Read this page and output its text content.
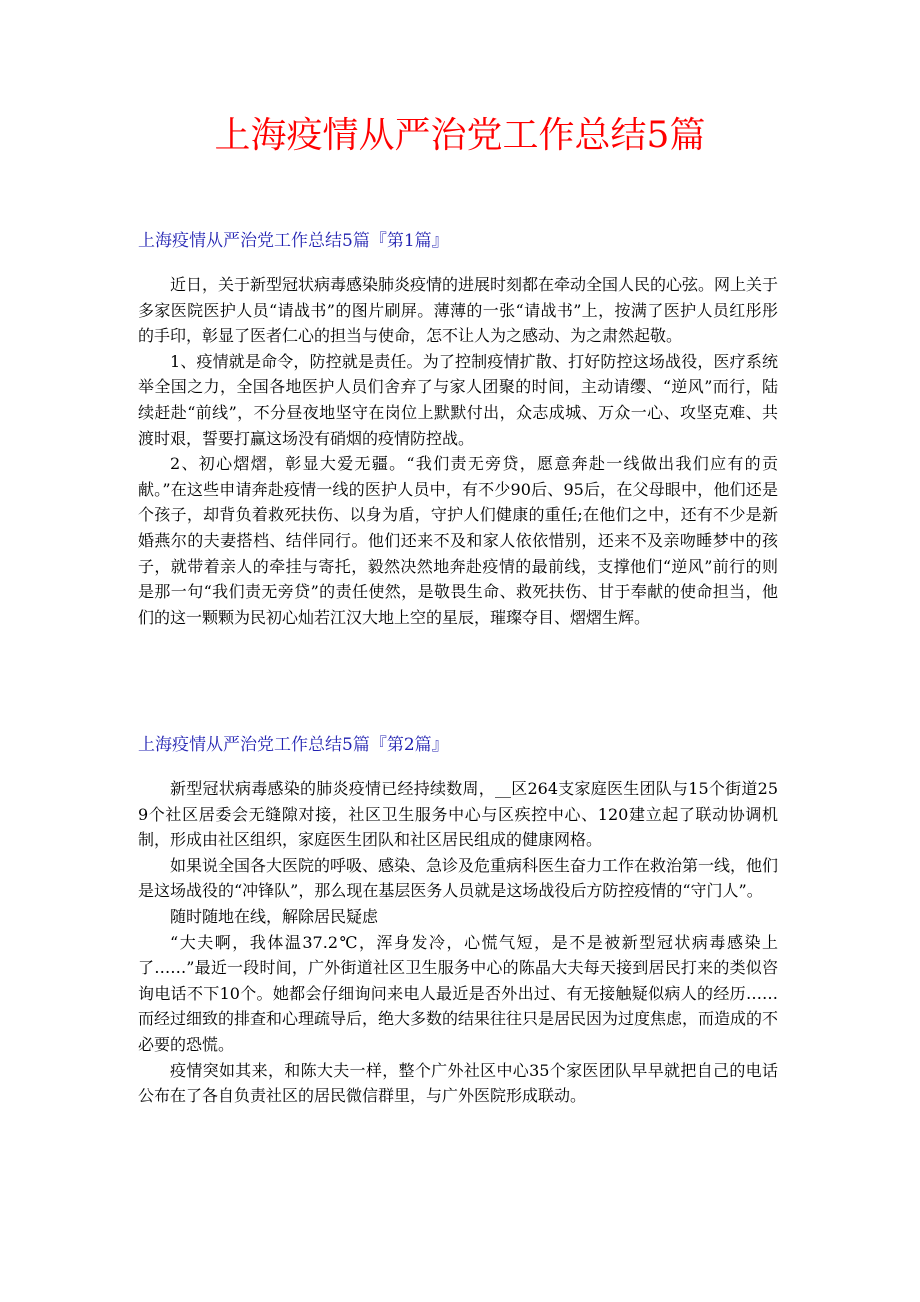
上海疫情从严治党工作总结5篇
上海疫情从严治党工作总结5篇『第1篇』

近日，关于新型冠状病毒感染肺炎疫情的进展时刻都在牵动全国人民的心弦。网上关于多家医院医护人员“请战书”的图片刷屏。薄薄的一张“请战书”上，按满了医护人员红彤彤的手印，彰显了医者仁心的担当与使命，怎不让人为之感动、为之肃然起敬。

1、疫情就是命令，防控就是责任。为了控制疫情扩散、打好防控这场战役，医疗系统举全国之力，全国各地医护人员们舍弃了与家人团聚的时间，主动请缨、“逆风”而行，陆续赶赴“前线”，不分昼夜地坚守在岗位上默默付出，众志成城、万众一心、攻坚克难、共渡时艰，誓要打赢这场没有硝烟的疫情防控战。

2、初心熠熠，彰显大爱无疆。“我们责无旁贷，愿意奔赴一线做出我们应有的贡献。”在这些申请奔赴疫情一线的医护人员中，有不少90后、95后，在父母眼中，他们还是个孩子，却背负着救死扶伤、以身为盾，守护人们健康的重任;在他们之中，还有不少是新婚燕尔的夫妻搭档、结伴同行。他们还来不及和家人依依惜别，还来不及亲吻睡梦中的孩子，就带着亲人的牵挂与寄托，毅然决然地奔赴疫情的最前线，支撑他们“逆风”前行的则是那一句“我们责无旁贷”的责任使然，是敬畏生命、救死扶伤、甘于奉献的使命担当，他们的这一颗颗为民初心灿若江汉大地上空的星辰，璀璨夺目、熠熠生辉。

上海疫情从严治党工作总结5篇『第2篇』

新型冠状病毒感染的肺炎疫情已经持续数周，__区264支家庭医生团队与15个街道259个社区居委会无缝隙对接，社区卫生服务中心与区疾控中心、120建立起了联动协调机制，形成由社区组织，家庭医生团队和社区居民组成的健康网格。

如果说全国各大医院的呼吸、感染、急诊及危重病科医生奋力工作在救治第一线，他们是这场战役的“冲锋队”，那么现在基层医务人员就是这场战役后方防控疫情的“守门人”。

随时随地在线，解除居民疑虑

“大夫啊，我体温37.2℃，浑身发冷，心慌气短，是不是被新型冠状病毒感染上了……”最近一段时间，广外街道社区卫生服务中心的陈晶大夫每天接到居民打来的类似咨询电话不下10个。她都会仔细询问来电人最近是否外出过、有无接触疑似病人的经历……而经过细致的排查和心理疏导后，绝大多数的结果往往只是居民因为过度焦虑，而造成的不必要的恐慌。

疫情突如其来，和陈大夫一样，整个广外社区中心35个家医团队早早就把自己的电话公布在了各自负责社区的居民微信群里，与广外医院形成联动。
